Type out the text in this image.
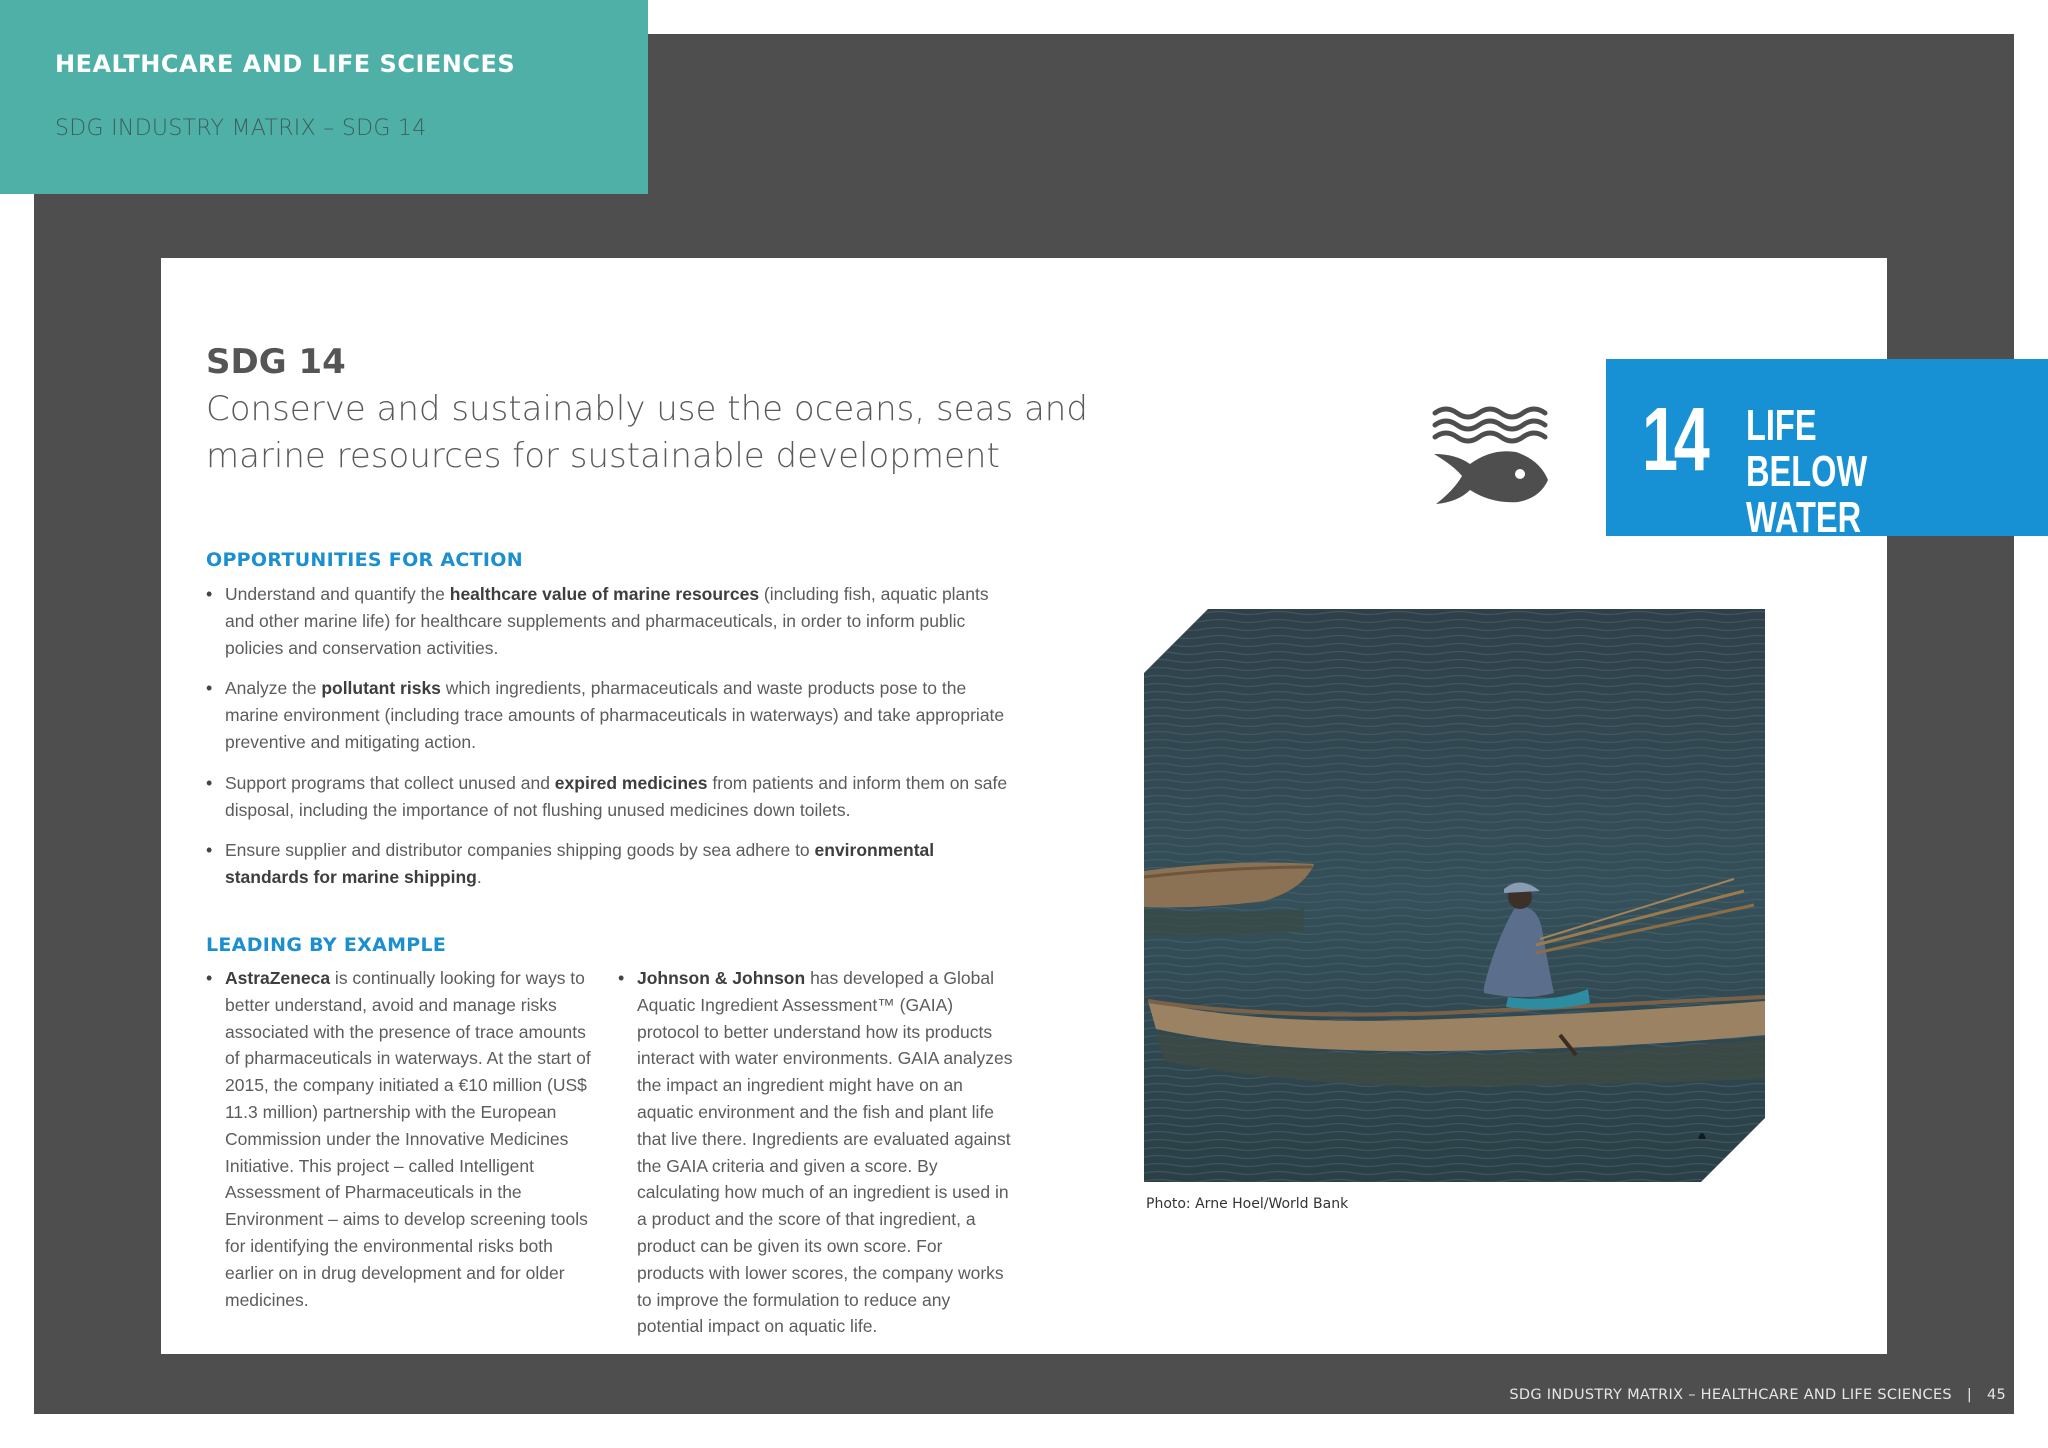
HEALTHCARE AND LIFE SCIENCES
SDG INDUSTRY MATRIX – SDG 14
SDG 14
Conserve and sustainably use the oceans, seas and marine resources for sustainable development	14 LIFE
BELOW WATER
OPPORTUNITIES FOR ACTION
• Understand and quantify the healthcare value of marine resources (including fish, aquatic plants and other marine life) for healthcare supplements and pharmaceuticals, in order to inform public policies and conservation activities.
• Analyze the pollutant risks which ingredients, pharmaceuticals and waste products pose to the marine environment (including trace amounts of pharmaceuticals in waterways) and take appropriate preventive and mitigating action.
• Support programs that collect unused and expired medicines from patients and inform them on safe disposal, including the importance of not flushing unused medicines down toilets.
• Ensure supplier and distributor companies shipping goods by sea adhere to environmental standards for marine shipping.
LEADING BY EXAMPLE
• AstraZeneca is continually looking for ways to better understand, avoid and manage risks associated with the presence of trace amounts of pharmaceuticals in waterways. At the start of 2015, the company initiated a €10 million (US$ 11.3 million) partnership with the European Commission under the Innovative Medicines Initiative. This project – called Intelligent Assessment of Pharmaceuticals in the Environment – aims to develop screening tools for identifying the environmental risks both earlier on in drug development and for older medicines.
• Johnson & Johnson has developed a Global Aquatic Ingredient Assessment™ (GAIA) protocol to better understand how its products interact with water environments. GAIA analyzes the impact an ingredient might have on an aquatic environment and the fish and plant life that live there. Ingredients are evaluated against the GAIA criteria and given a score. By calculating how much of an ingredient is used in a product and the score of that ingredient, a product can be given its own score. For products with lower scores, the company works to improve the formulation to reduce any potential impact on aquatic life.
Photo: Arne Hoel/World Bank
SDG INDUSTRY MATRIX – HEALTHCARE AND LIFE SCIENCES | 45
